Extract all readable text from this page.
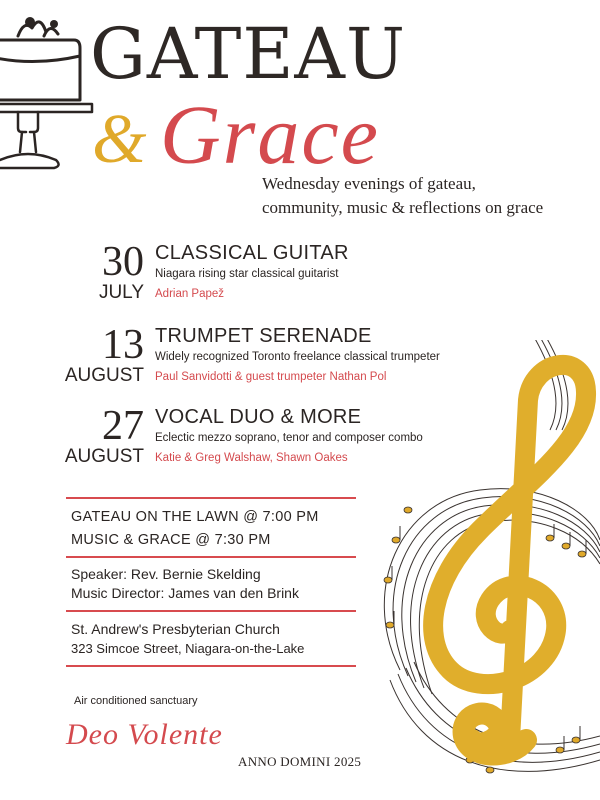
GATEAU
& Grace
Wednesday evenings of gateau,
community, music & reflections on grace
30
JULY
CLASSICAL GUITAR
Niagara rising star classical guitarist
Adrian Papež
13
AUGUST
TRUMPET SERENADE
Widely recognized Toronto freelance classical trumpeter
Paul Sanvidotti & guest trumpeter Nathan Pol
27
AUGUST
VOCAL DUO & MORE
Eclectic mezzo soprano, tenor and composer combo
Katie & Greg Walshaw, Shawn Oakes
GATEAU ON THE LAWN @ 7:00 PM
MUSIC & GRACE @ 7:30 PM
Speaker: Rev. Bernie Skelding
Music Director: James van den Brink
St. Andrew's Presbyterian Church
323 Simcoe Street, Niagara-on-the-Lake
Air conditioned sanctuary
Deo Volente
ANNO DOMINI 2025
